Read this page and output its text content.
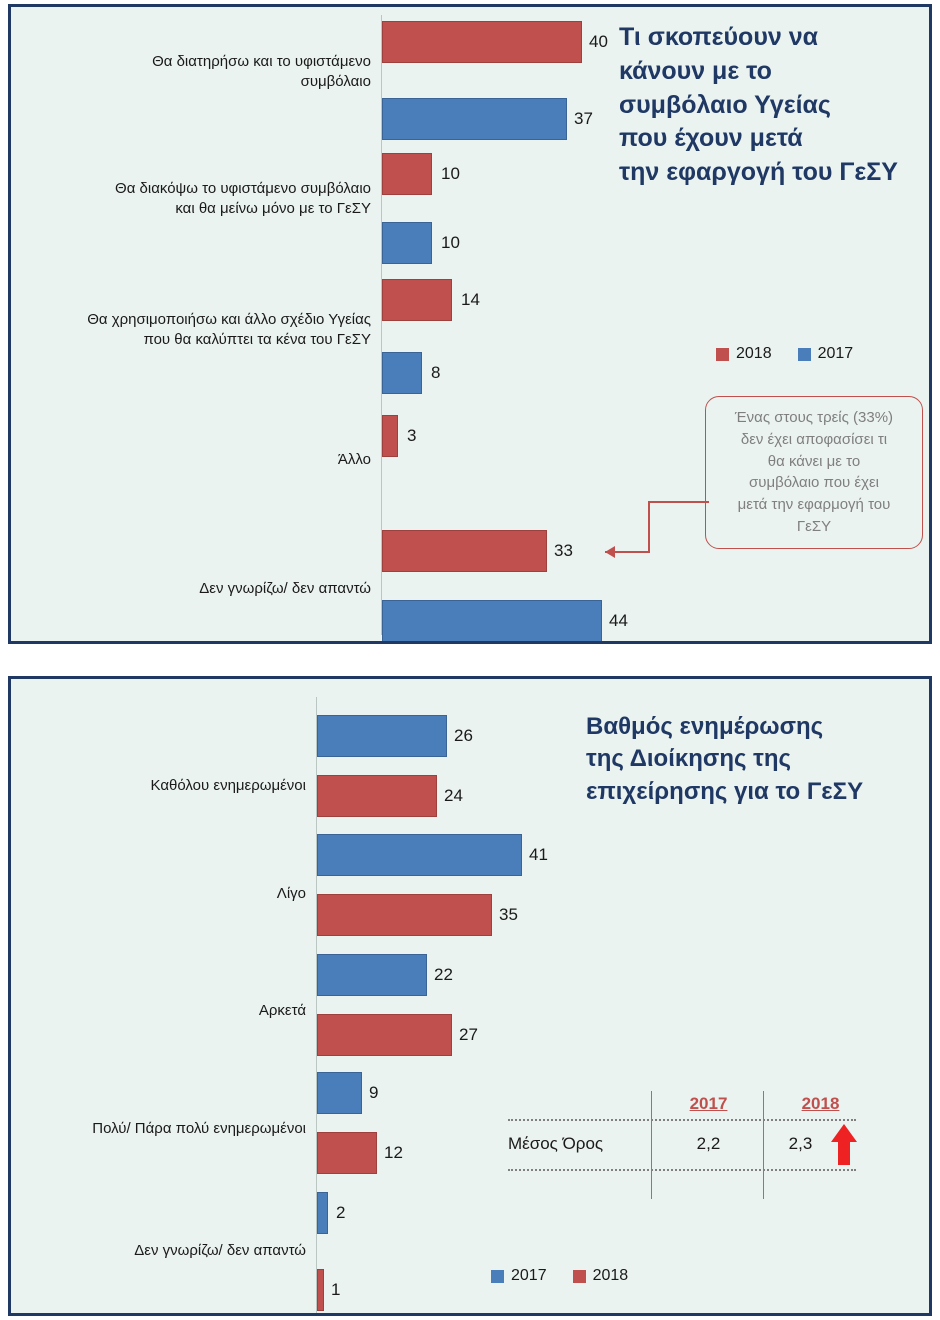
Τι σκοπεύουν να
κάνουν με το
συμβόλαιο Υγείας
που έχουν μετά
την εφαργογή του ΓεΣΥ
Θα διατηρήσω και το υφιστάμενο
συμβόλαιο
Θα διακόψω το υφιστάμενο συμβόλαιο
και θα μείνω μόνο με το ΓεΣΥ
Θα χρησιμοποιήσω και άλλο σχέδιο Υγείας
που θα καλύπτει τα κένα του ΓεΣΥ
Άλλο
Δεν γνωρίζω/ δεν απαντώ
40
37
10
10
14
8
3
33
44
2018	2017
Ένας στους τρείς (33%)
δεν έχει αποφασίσει τι
θα κάνει με το
συμβόλαιο που έχει
μετά την εφαρμογή του
ΓεΣΥ
Βαθμός ενημέρωσης
της Διοίκησης της
επιχείρησης για το ΓεΣΥ
Καθόλου ενημερωμένοι
Λίγο
Αρκετά
Πολύ/ Πάρα πολύ ενημερωμένοι
Δεν γνωρίζω/ δεν απαντώ
26
24
41
35
22
27
9
12
2
1
2017	2018
Μέσος Όρος	2,2	2,3
2017	2018
